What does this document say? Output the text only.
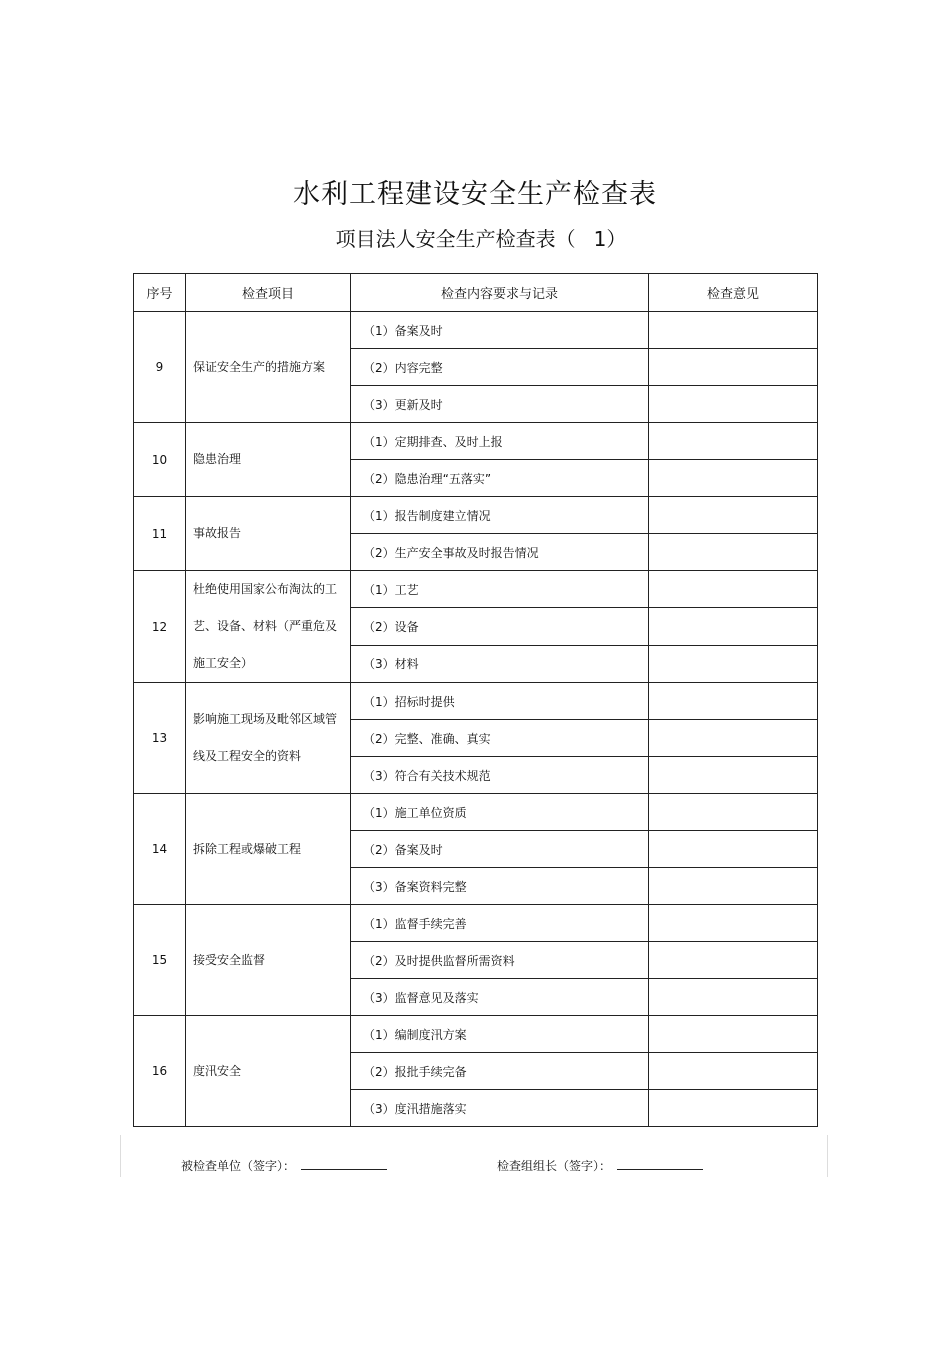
水利工程建设安全生产检查表
项目法人安全生产检查表（ 1）
序号	检查项目	检查内容要求与记录	检查意见
9	保证安全生产的措施方案	（1）备案及时	
		（2）内容完整	
		（3）更新及时	
10	隐患治理	（1）定期排查、及时上报	
		（2）隐患治理“五落实”	
11	事故报告	（1）报告制度建立情况	
		（2）生产安全事故及时报告情况	
12	杜绝使用国家公布淘汰的工艺、设备、材料（严重危及施工安全）	（1）工艺	
		（2）设备	
		（3）材料	
13	影响施工现场及毗邻区域管线及工程安全的资料	（1）招标时提供	
		（2）完整、准确、真实	
		（3）符合有关技术规范	
14	拆除工程或爆破工程	（1）施工单位资质	
		（2）备案及时	
		（3）备案资料完整	
15	接受安全监督	（1）监督手续完善	
		（2）及时提供监督所需资料	
		（3）监督意见及落实	
16	度汛安全	（1）编制度汛方案	
		（2）报批手续完备	
		（3）度汛措施落实	
被检查单位（签字）：	检查组组长（签字）：
